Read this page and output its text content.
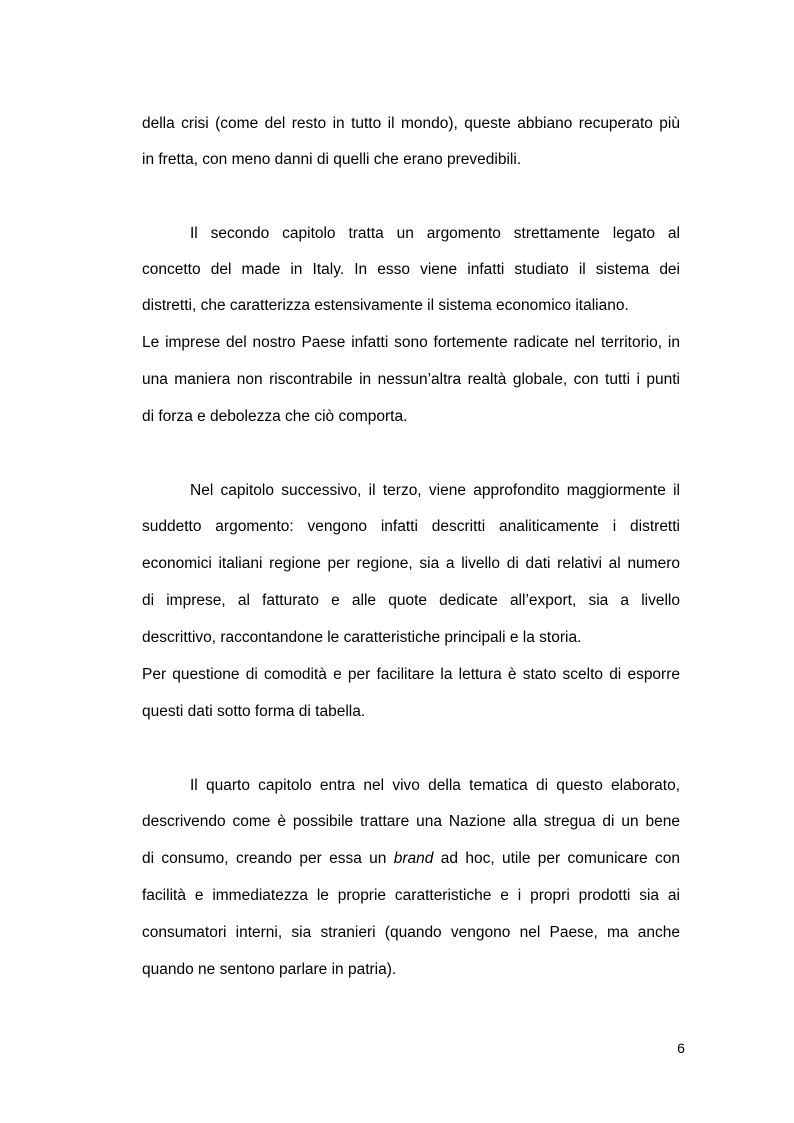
della crisi (come del resto in tutto il mondo), queste abbiano recuperato più
in fretta, con meno danni di quelli che erano prevedibili.
Il secondo capitolo tratta un argomento strettamente legato al
concetto del made in Italy. In esso viene infatti studiato il sistema dei
distretti, che caratterizza estensivamente il sistema economico italiano.
Le imprese del nostro Paese infatti sono fortemente radicate nel territorio, in
una maniera non riscontrabile in nessun’altra realtà globale, con tutti i punti
di forza e debolezza che ciò comporta.
Nel capitolo successivo, il terzo, viene approfondito maggiormente il
suddetto argomento: vengono infatti descritti analiticamente i distretti
economici italiani regione per regione, sia a livello di dati relativi al numero
di imprese, al fatturato e alle quote dedicate all’export, sia a livello
descrittivo, raccontandone le caratteristiche principali e la storia.
Per questione di comodità e per facilitare la lettura è stato scelto di esporre
questi dati sotto forma di tabella.
Il quarto capitolo entra nel vivo della tematica di questo elaborato,
descrivendo come è possibile trattare una Nazione alla stregua di un bene
di consumo, creando per essa un brand ad hoc, utile per comunicare con
facilità e immediatezza le proprie caratteristiche e i propri prodotti sia ai
consumatori interni, sia stranieri (quando vengono nel Paese, ma anche
quando ne sentono parlare in patria).
6
